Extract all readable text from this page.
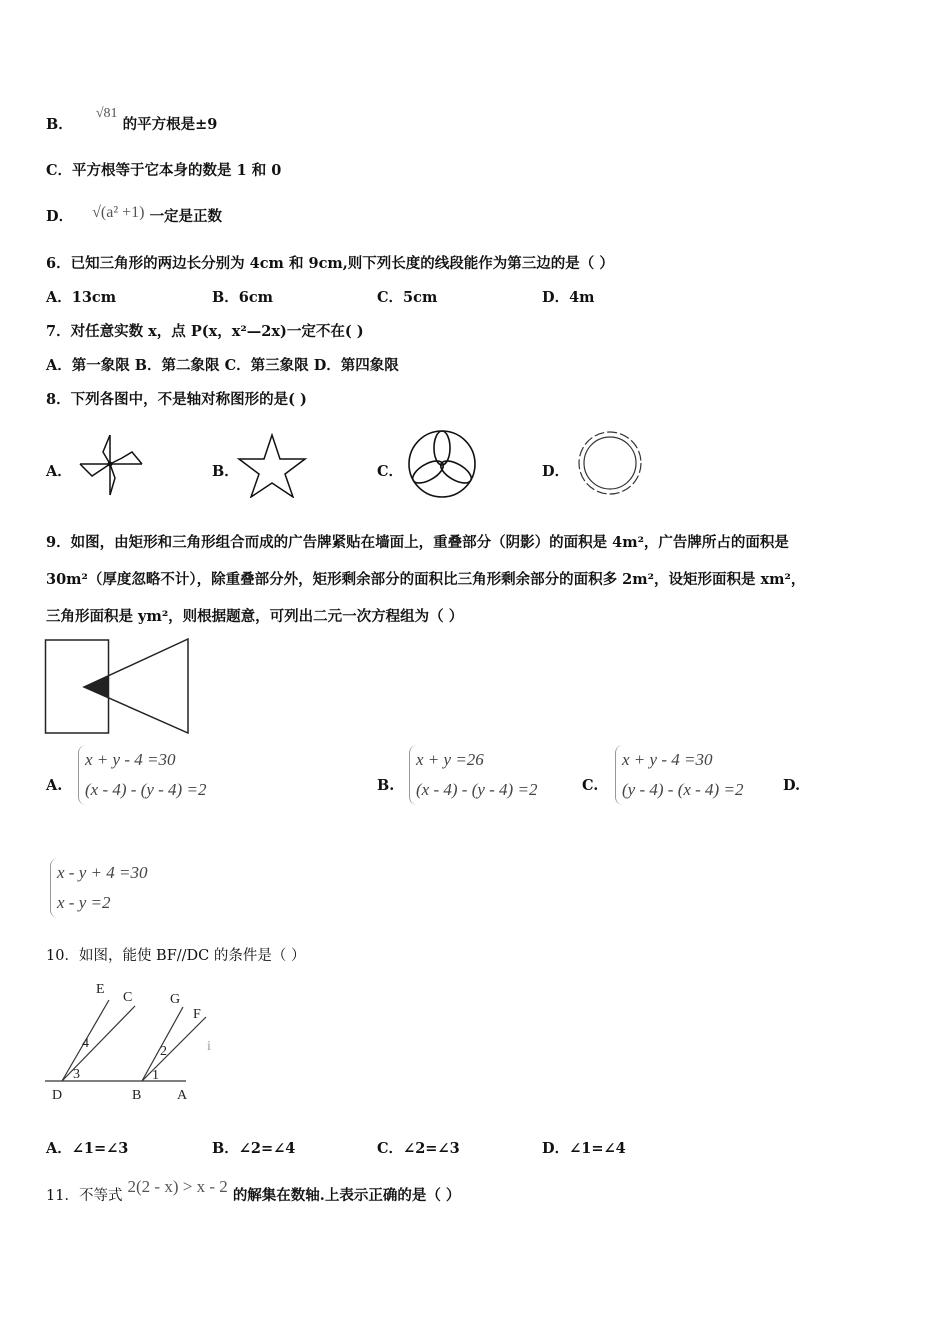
B． √81 的平方根是±9
C．平方根等于它本身的数是 1 和 0
D． √(a² +1) 一定是正数
6．已知三角形的两边长分别为 4cm 和 9cm,则下列长度的线段能作为第三边的是（ ）
A．13cm	B．6cm	C．5cm	D．4m
7．对任意实数 x，点 P(x，x²—2x)一定不在( )
A．第一象限 B．第二象限 C．第三象限 D．第四象限
8．下列各图中，不是轴对称图形的是( )
A．	B．	C．	D．
9．如图，由矩形和三角形组合而成的广告牌紧贴在墙面上，重叠部分（阴影）的面积是 4m²，广告牌所占的面积是
30m²（厚度忽略不计），除重叠部分外，矩形剩余部分的面积比三角形剩余部分的面积多 2m²，设矩形面积是 xm²，
三角形面积是 ym²，则根据题意，可列出二元一次方程组为（ ）
A.
x + y - 4 =30
(x - 4) - (y - 4) =2	B.
x + y =26
(x - 4) - (y - 4) =2	C.
x + y - 4 =30
(y - 4) - (x - 4) =2	D.
x - y + 4 =30
x - y =2
10．如图，能使 BF//DC 的条件是（ ）
E
C	G
F
4
3
2
1
i
D	B	A
A．∠1=∠3	B．∠2=∠4	C．∠2=∠3	D．∠1=∠4
11．不等式 2(2 - x) > x - 2 的解集在数轴.上表示正确的是（ ）
